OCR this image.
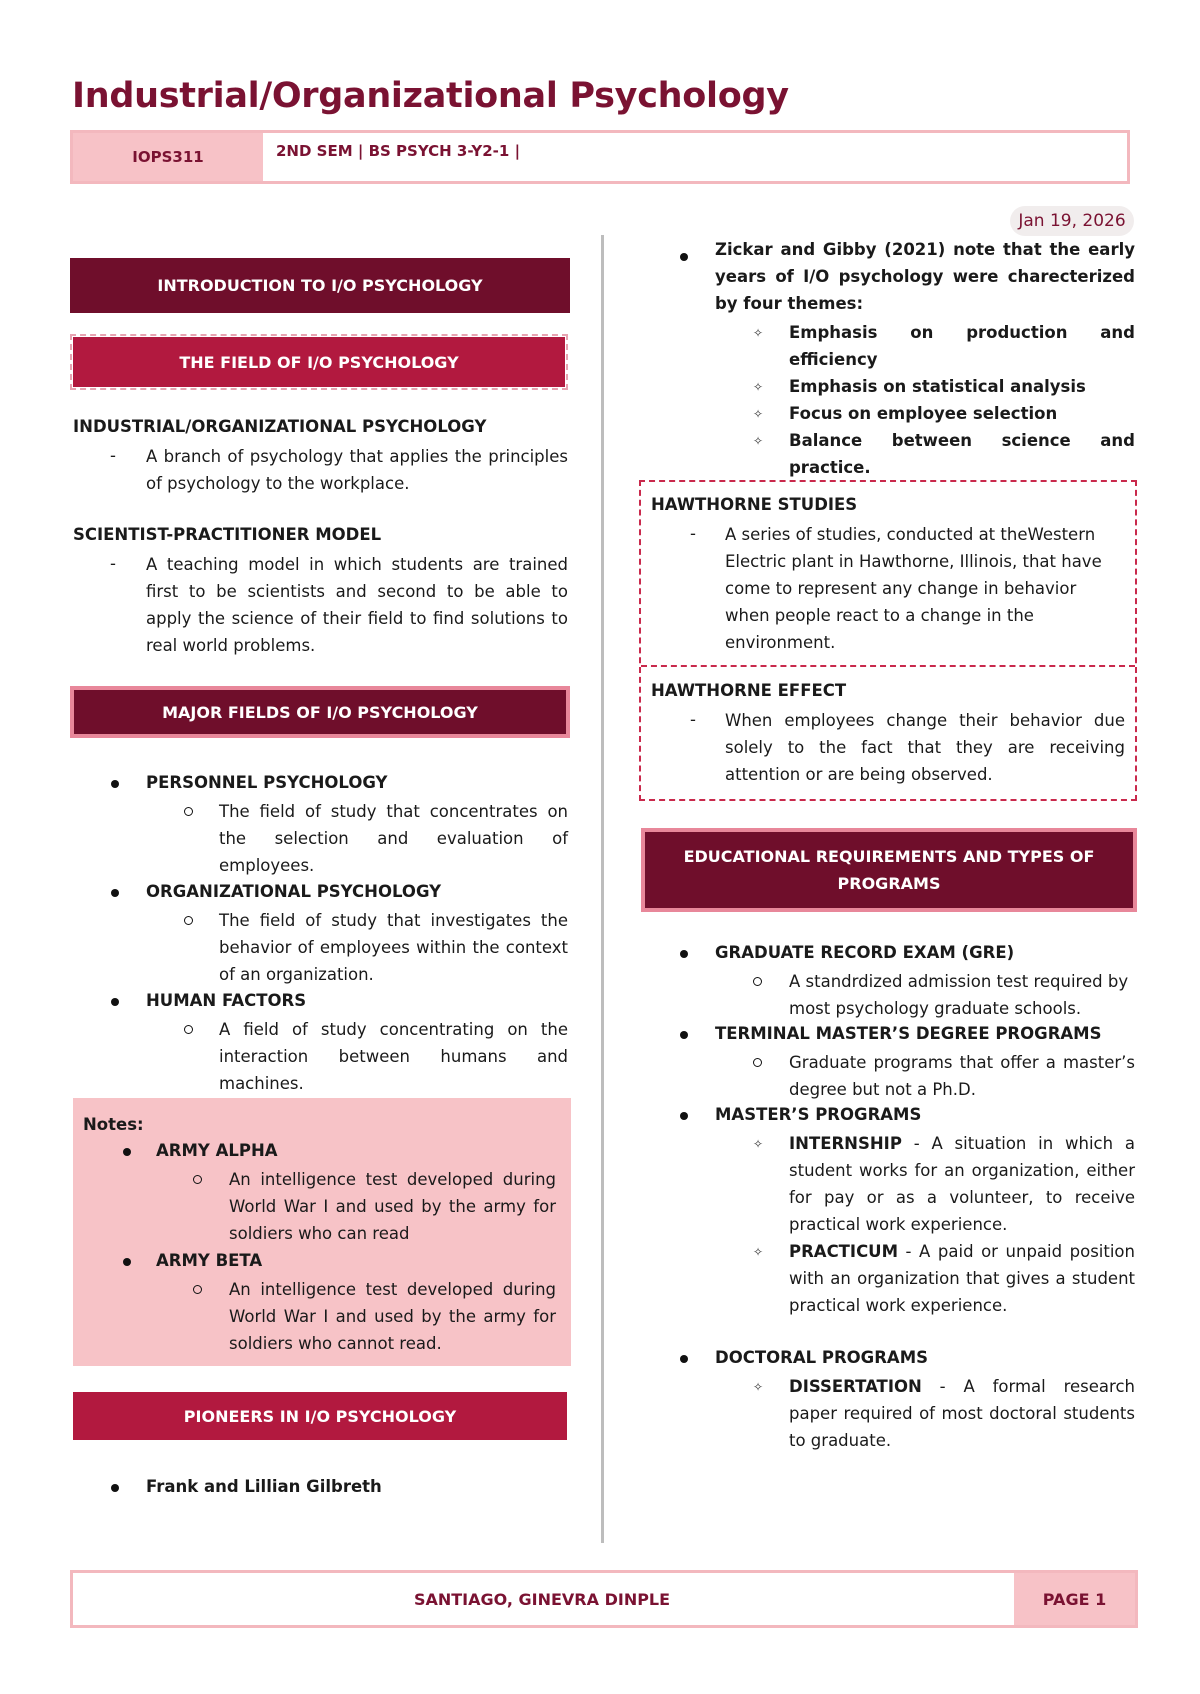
Industrial/Organizational Psychology
IOPS311	2ND SEM | BS PSYCH 3-Y2-1 |
Jan 19, 2026
INTRODUCTION TO I/O PSYCHOLOGY
THE FIELD OF I/O PSYCHOLOGY
INDUSTRIAL/ORGANIZATIONAL PSYCHOLOGY
- A branch of psychology that applies the principles of psychology to the workplace.
SCIENTIST-PRACTITIONER MODEL
- A teaching model in which students are trained first to be scientists and second to be able to apply the science of their field to find solutions to real world problems.
MAJOR FIELDS OF I/O PSYCHOLOGY
PERSONNEL PSYCHOLOGY
The field of study that concentrates on the selection and evaluation of employees.
ORGANIZATIONAL PSYCHOLOGY
The field of study that investigates the behavior of employees within the context of an organization.
HUMAN FACTORS
A field of study concentrating on the interaction between humans and machines.
Notes:
ARMY ALPHA
An intelligence test developed during World War I and used by the army for soldiers who can read
ARMY BETA
An intelligence test developed during World War I and used by the army for soldiers who cannot read.
PIONEERS IN I/O PSYCHOLOGY
Frank and Lillian Gilbreth
Zickar and Gibby (2021) note that the early years of I/O psychology were charecterized by four themes:
✧ Emphasis on production and efficiency
✧ Emphasis on statistical analysis
✧ Focus on employee selection
✧ Balance between science and practice.
HAWTHORNE STUDIES
- A series of studies, conducted at theWestern Electric plant in Hawthorne, Illinois, that have come to represent any change in behavior when people react to a change in the environment.
HAWTHORNE EFFECT
- When employees change their behavior due solely to the fact that they are receiving attention or are being observed.
EDUCATIONAL REQUIREMENTS AND TYPES OF PROGRAMS
GRADUATE RECORD EXAM (GRE)
A standrdized admission test required by most psychology graduate schools.
TERMINAL MASTER’S DEGREE PROGRAMS
Graduate programs that offer a master’s degree but not a Ph.D.
MASTER’S PROGRAMS
✧ INTERNSHIP - A situation in which a student works for an organization, either for pay or as a volunteer, to receive practical work experience.
✧ PRACTICUM - A paid or unpaid position with an organization that gives a student practical work experience.
DOCTORAL PROGRAMS
✧ DISSERTATION - A formal research paper required of most doctoral students to graduate.
SANTIAGO, GINEVRA DINPLE	PAGE 1
